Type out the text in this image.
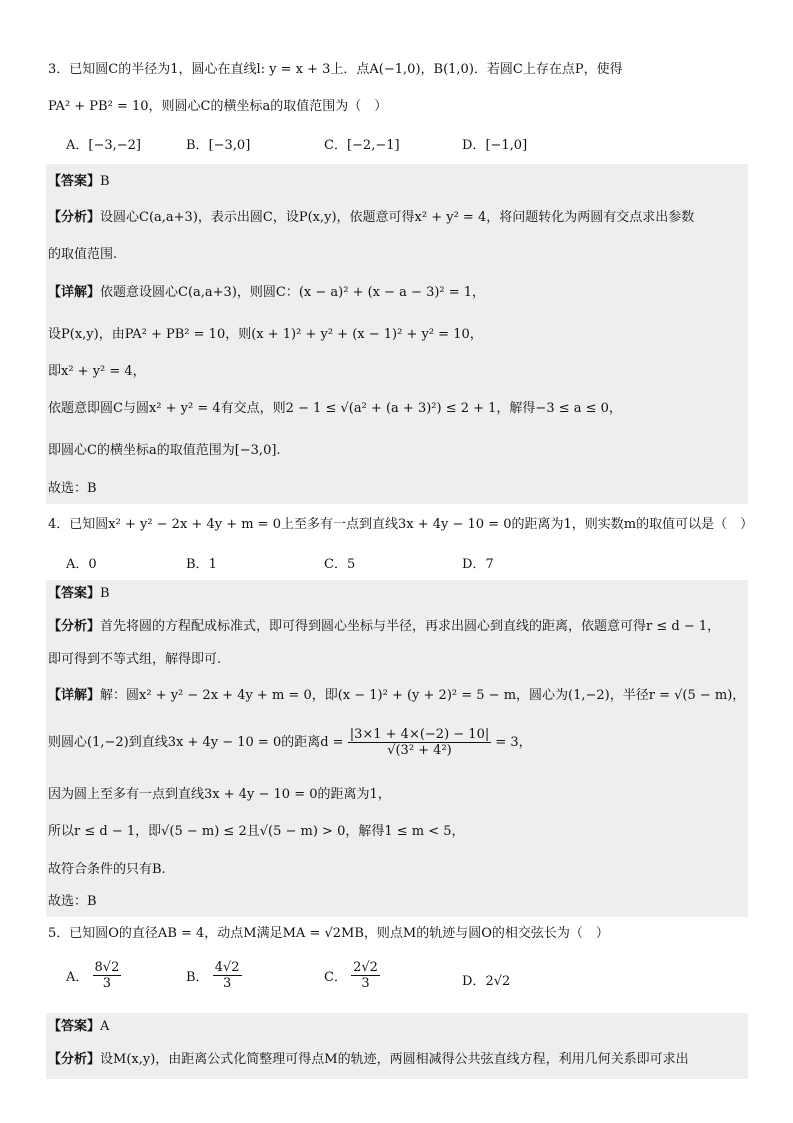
3．已知圆C的半径为1，圆心在直线l: y = x + 3上．点A(−1,0)，B(1,0)．若圆C上存在点P，使得
PA² + PB² = 10，则圆心C的横坐标a的取值范围为（　）
A．[−3,−2]	B．[−3,0]	C．[−2,−1]	D．[−1,0]
【答案】B
【分析】设圆心C(a,a+3)，表示出圆C，设P(x,y)，依题意可得x² + y² = 4，将问题转化为两圆有交点求出参数
的取值范围.
【详解】依题意设圆心C(a,a+3)，则圆C：(x − a)² + (x − a − 3)² = 1，
设P(x,y)，由PA² + PB² = 10，则(x + 1)² + y² + (x − 1)² + y² = 10，
即x² + y² = 4，
依题意即圆C与圆x² + y² = 4有交点，则2 − 1 ≤ √(a² + (a + 3)²) ≤ 2 + 1，解得−3 ≤ a ≤ 0，
即圆心C的横坐标a的取值范围为[−3,0].
故选：B
4．已知圆x² + y² − 2x + 4y + m = 0上至多有一点到直线3x + 4y − 10 = 0的距离为1，则实数m的取值可以是（　）
A．0	B．1	C．5	D．7
【答案】B
【分析】首先将圆的方程配成标准式，即可得到圆心坐标与半径，再求出圆心到直线的距离，依题意可得r ≤ d − 1，
即可得到不等式组，解得即可.
【详解】解：圆x² + y² − 2x + 4y + m = 0，即(x − 1)² + (y + 2)² = 5 − m，圆心为(1,−2)，半径r = √(5 − m)，
则圆心(1,−2)到直线3x + 4y − 10 = 0的距离$d = \frac{|3\times 1 + 4\times(-2) - 10|}{\text{√(3² + 4²)}} = 3$，
因为圆上至多有一点到直线3x + 4y − 10 = 0的距离为1，
所以r ≤ d − 1，即√(5 − m) ≤ 2且√(5 − m) > 0，解得1 ≤ m < 5，
故符合条件的只有B.
故选：B
5．已知圆O的直径AB = 4，动点M满足MA = √2MB，则点M的轨迹与圆O的相交弦长为（　）
A． $\frac{8√2}{3}$	B． $\frac{4√2}{3}$	C． $\frac{2√2}{3}$	D．2√2
【答案】A
【分析】设M(x,y)，由距离公式化简整理可得点M的轨迹，两圆相减得公共弦直线方程，利用几何关系即可求出
